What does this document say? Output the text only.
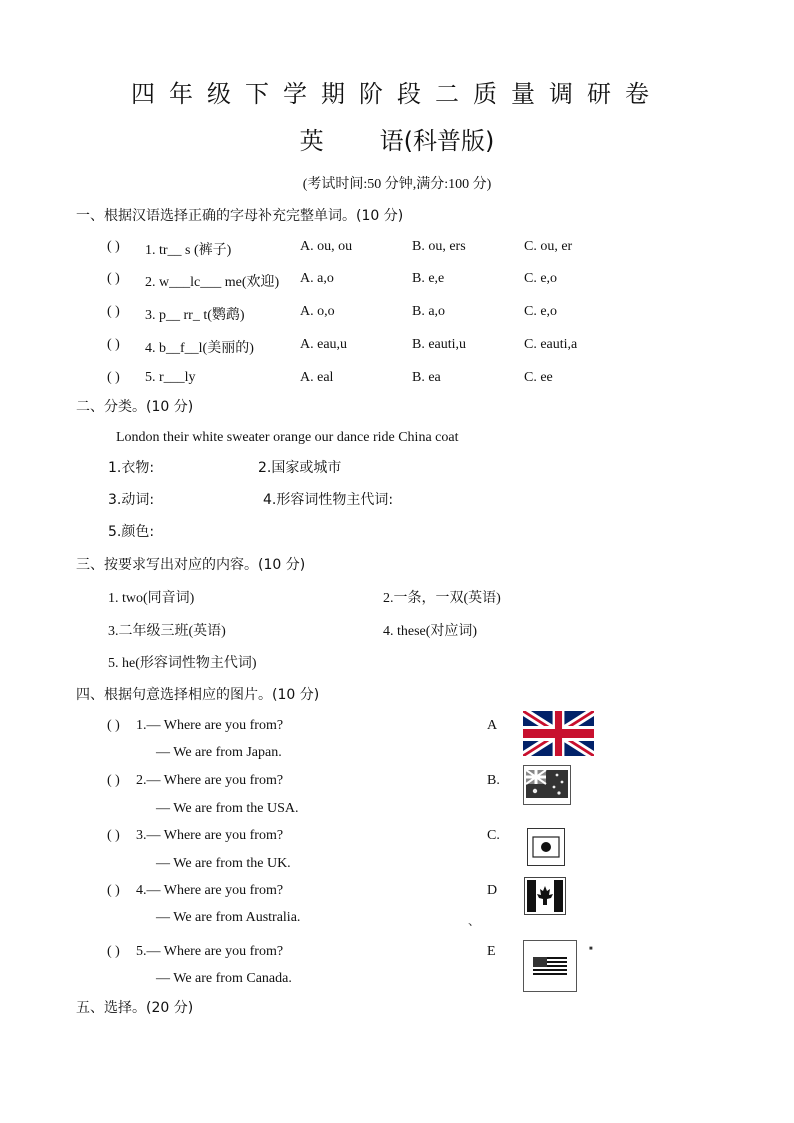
四年级下学期阶段二质量调研卷
英 语(科普版)
(考试时间:50 分钟,满分:100 分)
一、根据汉语选择正确的字母补充完整单词。(10 分)
( ) 1. tr__ s (裤子)	A. ou, ou	B. ou, ers	C. ou, er
( ) 2. w___lc___ me(欢迎) A. a,o	B. e,e	C. e,o
( ) 3. p__ rr_ t(鹦鹉)	A. o,o	B. a,o	C. e,o
( ) 4. b__f__l(美丽的)	A. eau,u	B. eauti,u	C. eauti,a
( ) 5. r___ly	A. eal	B. ea	C. ee
二、分类。(10 分)
London their white sweater orange our dance ride China coat
1.衣物:	2.国家或城市
3.动词:	4.形容词性物主代词:
5.颜色:
三、按要求写出对应的内容。(10 分)
1. two(同音词)	2.一条，一双(英语)
3.二年级三班(英语)	4. these(对应词)
5. he(形容词性物主代词)
四、根据句意选择相应的图片。(10 分)
( ) 1.— Where are you from?
— We are from Japan.
A
( ) 2.— Where are you from?
— We are from the USA.
B.
( ) 3.— Where are you from?
— We are from the UK.
C.
( ) 4.— Where are you from?
— We are from Australia.
D
( ) 5.— Where are you from?
— We are from Canada.
E
、
■
五、选择。(20 分)
